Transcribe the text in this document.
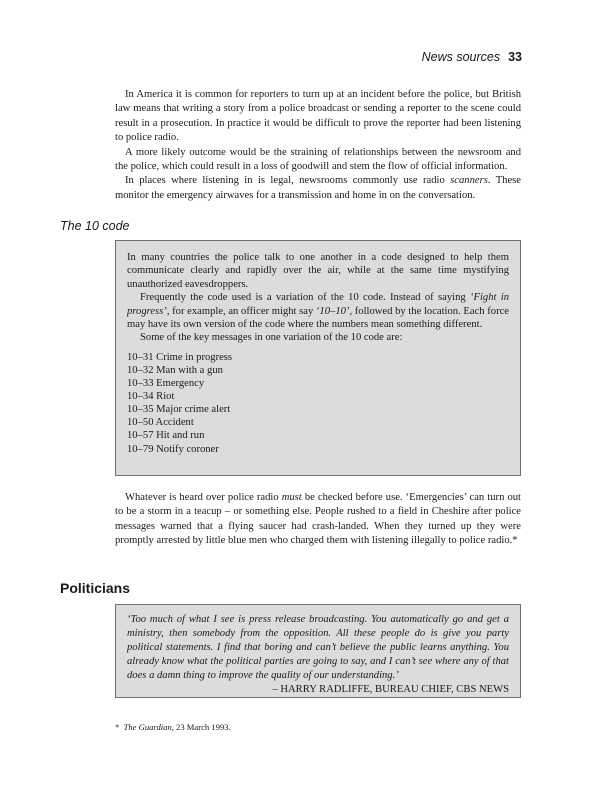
News sources 33

In America it is common for reporters to turn up at an incident before the police, but British law means that writing a story from a police broadcast or sending a reporter to the scene could result in a prosecution. In practice it would be difficult to prove the reporter had been listening to police radio.

A more likely outcome would be the straining of relationships between the newsroom and the police, which could result in a loss of goodwill and stem the flow of official information.

In places where listening in is legal, newsrooms commonly use radio scanners. These monitor the emergency airwaves for a transmission and home in on the conversation.

The 10 code

In many countries the police talk to one another in a code designed to help them communicate clearly and rapidly over the air, while at the same time mystifying unauthorized eavesdroppers.

Frequently the code used is a variation of the 10 code. Instead of saying ‘Fight in progress’, for example, an officer might say ‘10–10’, followed by the location. Each force may have its own version of the code where the numbers mean something different.

Some of the key messages in one variation of the 10 code are:

10–31 Crime in progress
10–32 Man with a gun
10–33 Emergency
10–34 Riot
10–35 Major crime alert
10–50 Accident
10–57 Hit and run
10–79 Notify coroner

Whatever is heard over police radio must be checked before use. ‘Emergencies’ can turn out to be a storm in a teacup – or something else. People rushed to a field in Cheshire after police messages warned that a flying saucer had crash-landed. When they turned up they were promptly arrested by little blue men who charged them with listening illegally to police radio.*

Politicians

‘Too much of what I see is press release broadcasting. You automatically go and get a ministry, then somebody from the opposition. All these people do is give you party political statements. I find that boring and can’t believe the public learns anything. You already know what the political parties are going to say, and I can’t see where any of that does a damn thing to improve the quality of our understanding.’

– HARRY RADLIFFE, BUREAU CHIEF, CBS NEWS

* The Guardian, 23 March 1993.
